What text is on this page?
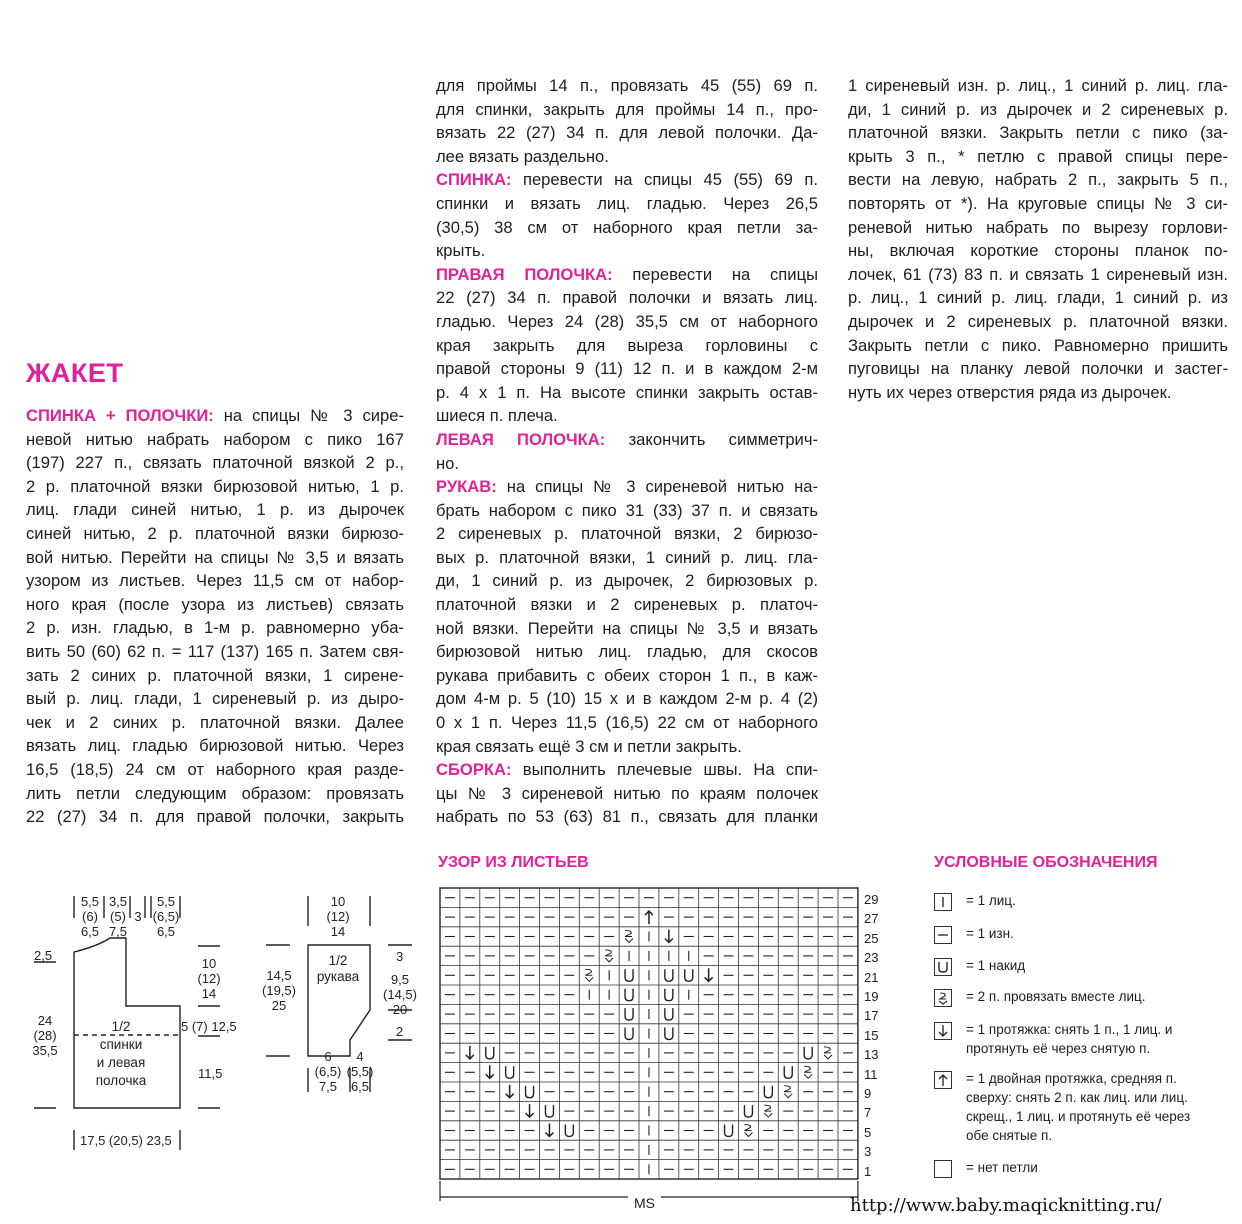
ЖАКЕТ
СПИНКА + ПОЛОЧКИ: на спицы № 3 сире-
невой нитью набрать набором с пико 167
(197) 227 п., связать платочной вязкой 2 р.,
2 р. платочной вязки бирюзовой нитью, 1 р.
лиц. глади синей нитью, 1 р. из дырочек
синей нитью, 2 р. платочной вязки бирюзо-
вой нитью. Перейти на спицы № 3,5 и вязать
узором из листьев. Через 11,5 см от набор-
ного края (после узора из листьев) связать
2 р. изн. гладью, в 1-м р. равномерно убa-
вить 50 (60) 62 п. = 117 (137) 165 п. Затем свя-
зать 2 синих р. платочной вязки, 1 сирене-
вый р. лиц. глади, 1 сиреневый р. из дыро-
чек и 2 синих р. платочной вязки. Далее
вязать лиц. гладью бирюзовой нитью. Через
16,5 (18,5) 24 см от наборного края разде-
лить петли следующим образом: провязать
22 (27) 34 п. для правой полочки, закрыть
для проймы 14 п., провязать 45 (55) 69 п.
для спинки, закрыть для проймы 14 п., про-
вязать 22 (27) 34 п. для левой полочки. Да-
лее вязать раздельно.
СПИНКА: перевести на спицы 45 (55) 69 п.
спинки и вязать лиц. гладью. Через 26,5
(30,5) 38 см от наборного края петли за-
крыть.
ПРАВАЯ ПОЛОЧКА: перевести на спицы
22 (27) 34 п. правой полочки и вязать лиц.
гладью. Через 24 (28) 35,5 см от наборного
края закрыть для выреза горловины с
правой стороны 9 (11) 12 п. и в каждом 2-м
р. 4 х 1 п. На высоте спинки закрыть остав-
шиеся п. плеча.
ЛЕВАЯ ПОЛОЧКА: закончить симметрич-
но.
РУКАВ: на спицы № 3 сиреневой нитью на-
брать набором с пико 31 (33) 37 п. и связать
2 сиреневых р. платочной вязки, 2 бирюзо-
вых р. платочной вязки, 1 синий р. лиц. гла-
ди, 1 синий р. из дырочек, 2 бирюзовых р.
платочной вязки и 2 сиреневых р. платоч-
ной вязки. Перейти на спицы № 3,5 и вязать
бирюзовой нитью лиц. гладью, для скосов
рукава прибавить с обеих сторон 1 п., в каж-
дом 4-м р. 5 (10) 15 х и в каждом 2-м р. 4 (2)
0 х 1 п. Через 11,5 (16,5) 22 см от наборного
края связать ещё 3 см и петли закрыть.
СБОРКА: выполнить плечевые швы. На спи-
цы № 3 сиреневой нитью по краям полочек
набрать по 53 (63) 81 п., связать для планки
1 сиреневый изн. р. лиц., 1 синий р. лиц. гла-
ди, 1 синий р. из дырочек и 2 сиреневых р.
платочной вязки. Закрыть петли с пико (за-
крыть 3 п., * петлю с правой спицы пере-
вести на левую, набрать 2 п., закрыть 5 п.,
повторять от *). На круговые спицы № 3 си-
реневой нитью набрать по вырезу горлови-
ны, включая короткие стороны планок по-
лочек, 61 (73) 83 п. и связать 1 сиреневый изн.
р. лиц., 1 синий р. лиц. глади, 1 синий р. из
дырочек и 2 сиреневых р. платочной вязки.
Закрыть петли с пико. Равномерно пришить
пуговицы на планку левой полочки и застег-
нуть их через отверстия ряда из дырочек.
5,5
(6)
6,5
3,5
(5)
7,5
3
5,5
(6,5)
6,5
2,5
24
(28)
35,5
1/2
спинки
и левая
полочка
10
(12)
14
5 (7) 12,5
11,5
17,5 (20,5) 23,5
10
(12)
14
14,5
(19,5)
25
1/2
рукава
3
9,5
(14,5)
20
2
6
(6,5)
7,5
4
(5,5)
6,5
УЗОР ИЗ ЛИСТЬЕВ
MS
29
27
25
23
21
19
17
15
13
11
9
7
5
3
1
УСЛОВНЫЕ ОБОЗНАЧЕНИЯ
= 1 лиц.
= 1 изн.
= 1 накид
= 2 п. провязать вместе лиц.
= 1 протяжка: снять 1 п., 1 лиц. и протянуть её через снятую п.
= 1 двойная протяжка, средняя п. сверху: снять 2 п. как лиц. или лиц. скрещ., 1 лиц. и протянуть её через обе снятые п.
= нет петли
http://www.baby.maqicknitting.ru/
